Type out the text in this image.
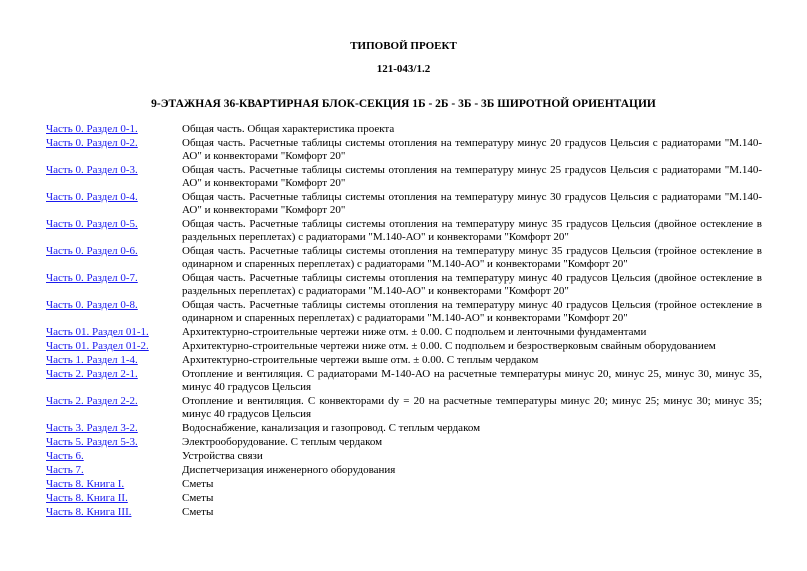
ТИПОВОЙ ПРОЕКТ
121-043/1.2
9-ЭТАЖНАЯ 36-КВАРТИРНАЯ БЛОК-СЕКЦИЯ 1Б - 2Б - 3Б - 3Б ШИРОТНОЙ ОРИЕНТАЦИИ
Часть 0. Раздел 0-1.	Общая часть. Общая характеристика проекта
Часть 0. Раздел 0-2.	Общая часть. Расчетные таблицы системы отопления на температуру минус 20 градусов Цельсия с радиаторами "М.140-АО" и конвекторами "Комфорт 20"
Часть 0. Раздел 0-3.	Общая часть. Расчетные таблицы системы отопления на температуру минус 25 градусов Цельсия с радиаторами "М.140-АО" и конвекторами "Комфорт 20"
Часть 0. Раздел 0-4.	Общая часть. Расчетные таблицы системы отопления на температуру минус 30 градусов Цельсия с радиаторами "М.140-АО" и конвекторами "Комфорт 20"
Часть 0. Раздел 0-5.	Общая часть. Расчетные таблицы системы отопления на температуру минус 35 градусов Цельсия (двойное остекление в раздельных переплетах) с радиаторами "М.140-АО" и конвекторами "Комфорт 20"
Часть 0. Раздел 0-6.	Общая часть. Расчетные таблицы системы отопления на температуру минус 35 градусов Цельсия (тройное остекление в одинарном и спаренных переплетах) с радиаторами "М.140-АО" и конвекторами "Комфорт 20"
Часть 0. Раздел 0-7.	Общая часть. Расчетные таблицы системы отопления на температуру минус 40 градусов Цельсия (двойное остекление в раздельных переплетах) с радиаторами "М.140-АО" и конвекторами "Комфорт 20"
Часть 0. Раздел 0-8.	Общая часть. Расчетные таблицы системы отопления на температуру минус 40 градусов Цельсия (тройное остекление в одинарном и спаренных переплетах) с радиаторами "М.140-АО" и конвекторами "Комфорт 20"
Часть 01. Раздел 01-1.	Архитектурно-строительные чертежи ниже отм. ± 0.00. С подпольем и ленточными фундаментами
Часть 01. Раздел 01-2.	Архитектурно-строительные чертежи ниже отм. ± 0.00. С подпольем и безростверковым свайным оборудованием
Часть 1. Раздел 1-4.	Архитектурно-строительные чертежи выше отм. ± 0.00. С теплым чердаком
Часть 2. Раздел 2-1.	Отопление и вентиляция. С радиаторами М-140-АО на расчетные температуры минус 20, минус 25, минус 30, минус 35, минус 40 градусов Цельсия
Часть 2. Раздел 2-2.	Отопление и вентиляция. С конвекторами dy = 20 на расчетные температуры минус 20; минус 25; минус 30; минус 35; минус 40 градусов Цельсия
Часть 3. Раздел 3-2.	Водоснабжение, канализация и газопровод. С теплым чердаком
Часть 5. Раздел 5-3.	Электрооборудование. С теплым чердаком
Часть 6.	Устройства связи
Часть 7.	Диспетчеризация инженерного оборудования
Часть 8. Книга I.	Сметы
Часть 8. Книга II.	Сметы
Часть 8. Книга III.	Сметы
